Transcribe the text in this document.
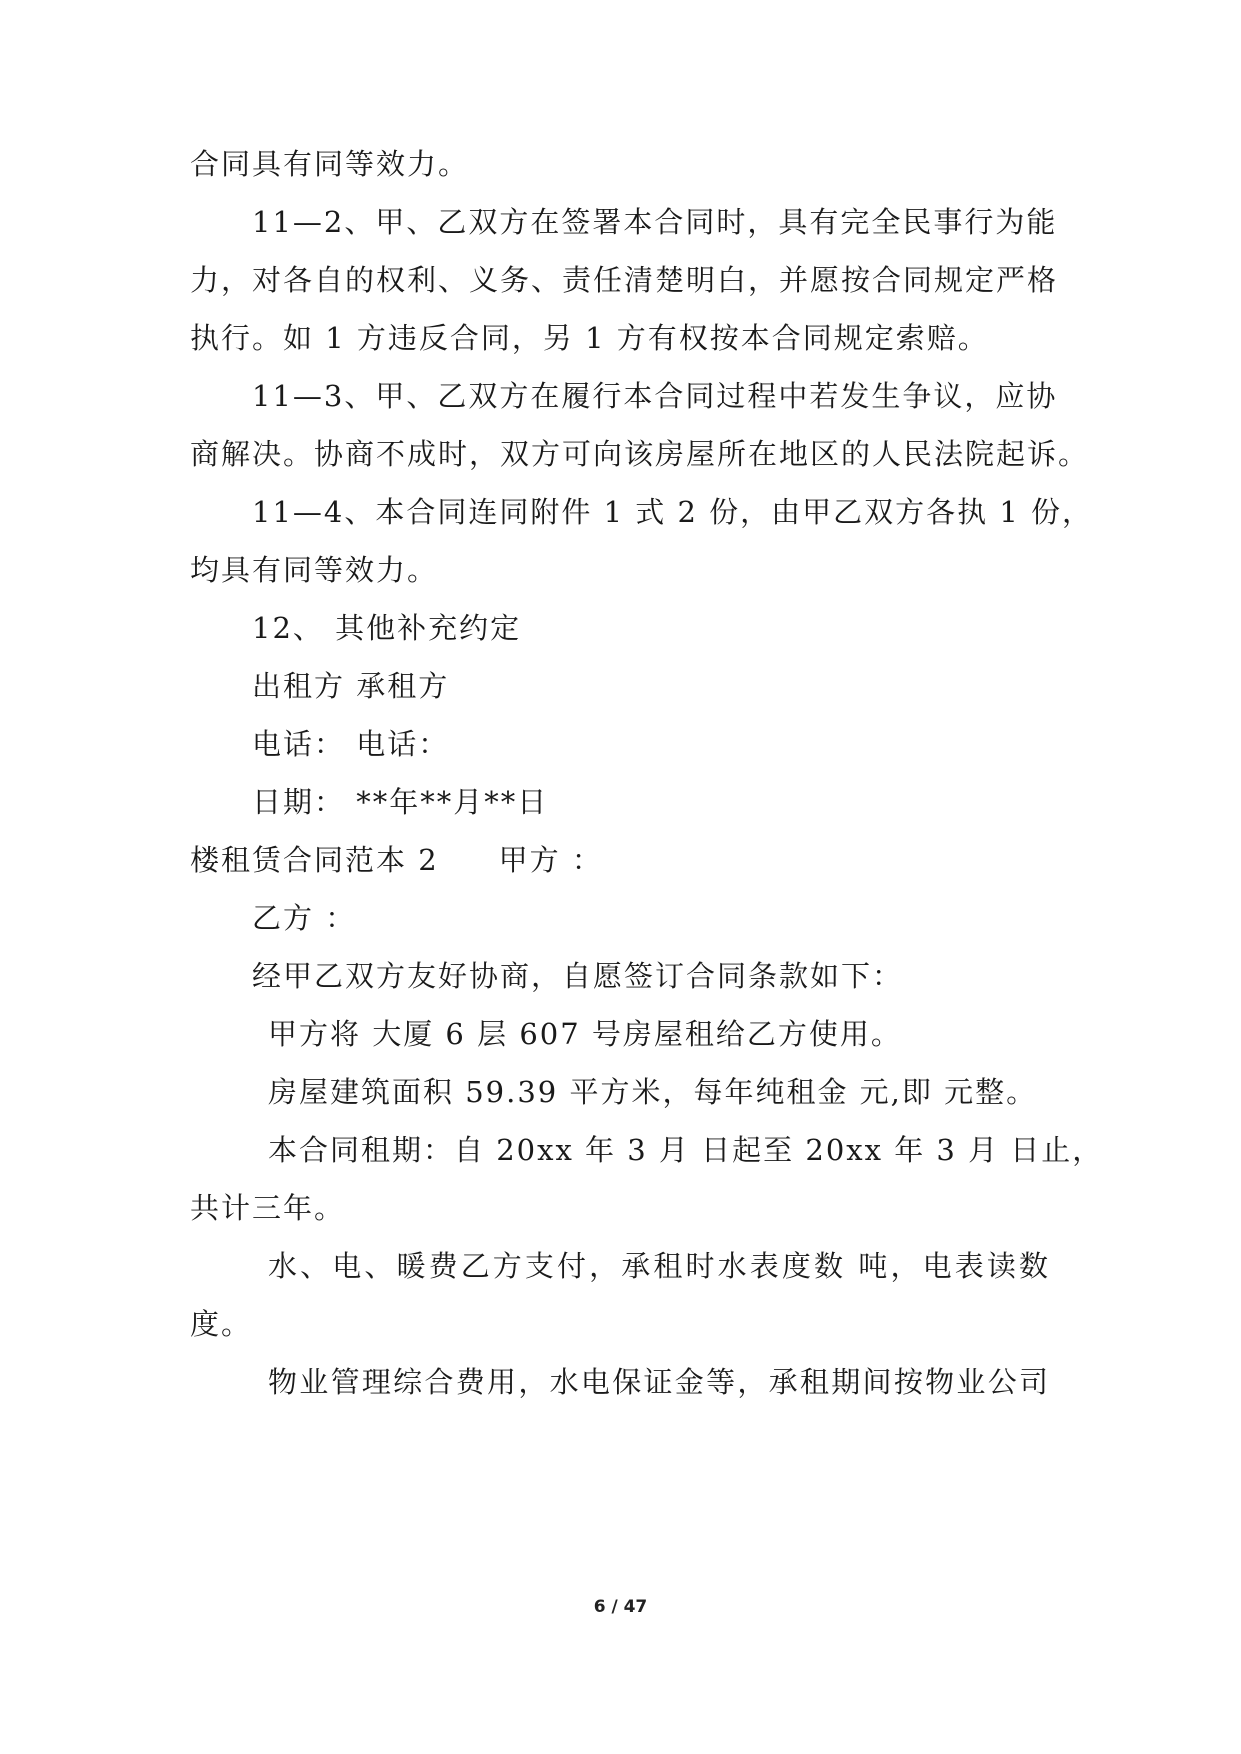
合同具有同等效力。
11—2、甲、乙双方在签署本合同时，具有完全民事行为能
力，对各自的权利、义务、责任清楚明白，并愿按合同规定严格
执行。如 1 方违反合同，另 1 方有权按本合同规定索赔。
11—3、甲、乙双方在履行本合同过程中若发生争议，应协
商解决。协商不成时，双方可向该房屋所在地区的人民法院起诉。
11—4、本合同连同附件 1 式 2 份，由甲乙双方各执 1 份，
均具有同等效力。
12、 其他补充约定
出租方 承租方
电话： 电话：
日期： **年**月**日
楼租赁合同范本 2 甲方 ：
乙方 ：
经甲乙双方友好协商，自愿签订合同条款如下：
甲方将 大厦 6 层 607 号房屋租给乙方使用。
房屋建筑面积 59.39 平方米，每年纯租金 元,即 元整。
本合同租期：自 20xx 年 3 月 日起至 20xx 年 3 月 日止，
共计三年。
水、电、暖费乙方支付，承租时水表度数 吨，电表读数
度。
物业管理综合费用，水电保证金等，承租期间按物业公司
6 / 47
